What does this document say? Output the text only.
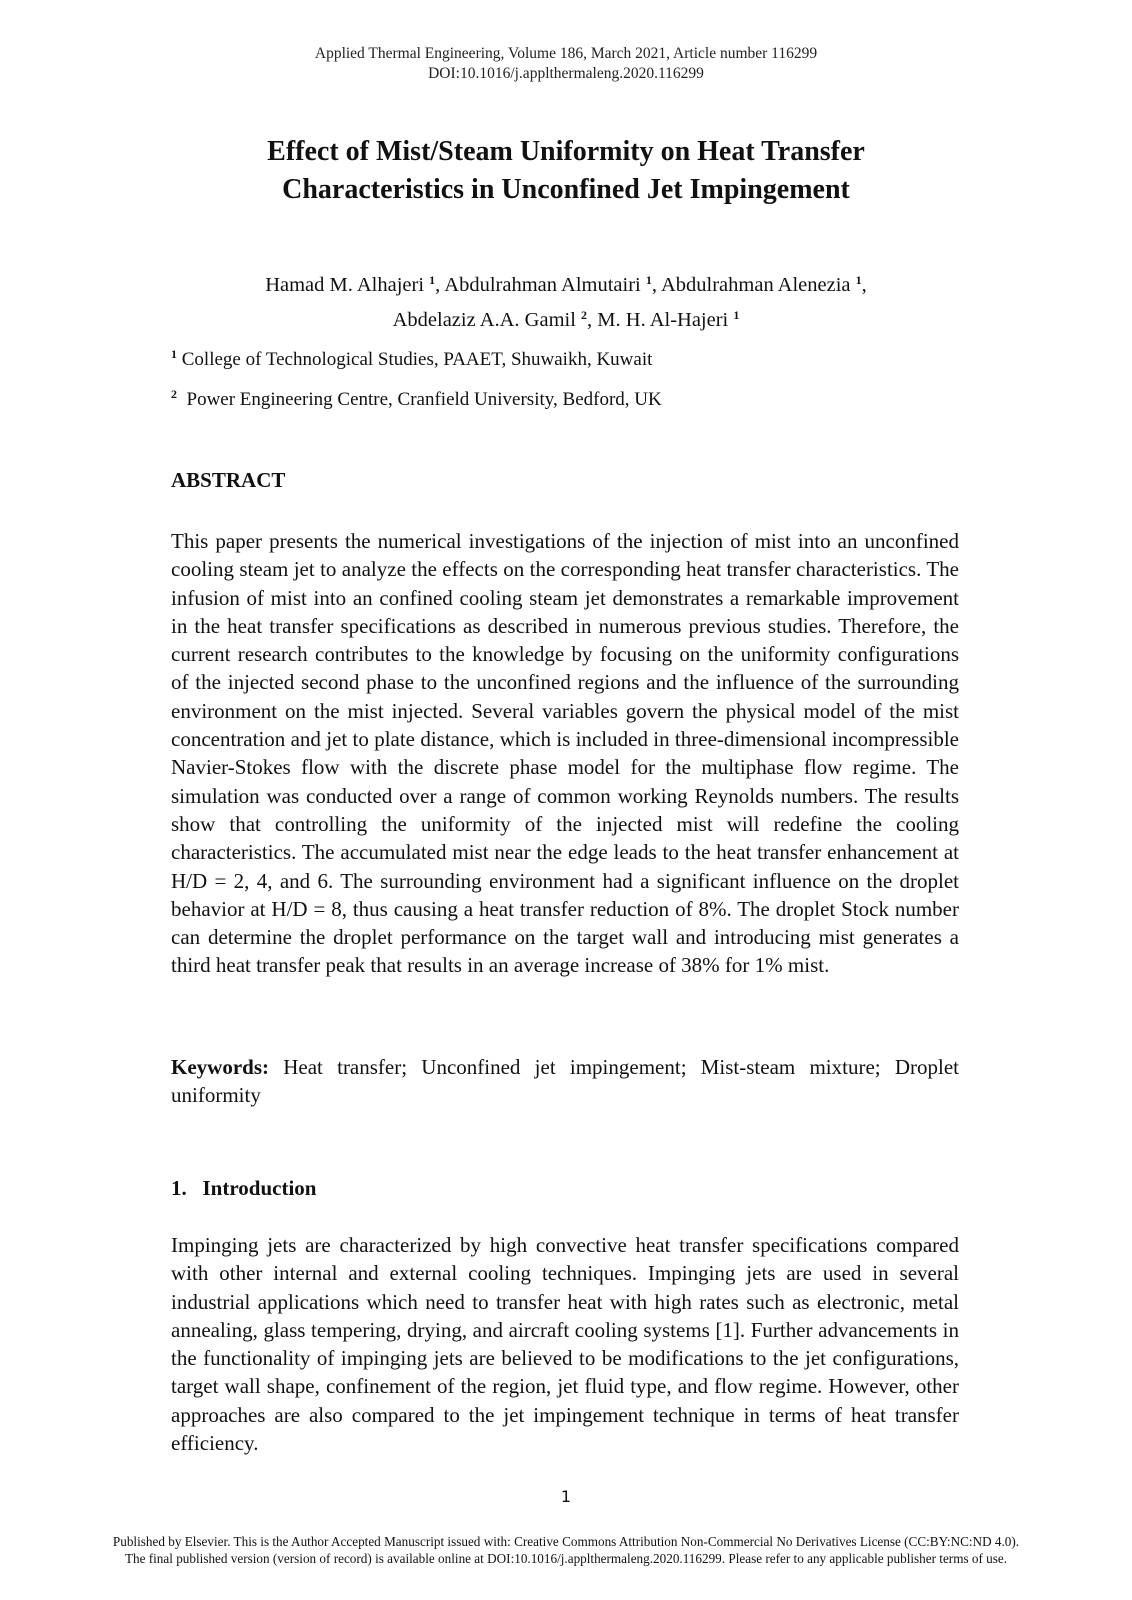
Applied Thermal Engineering, Volume 186, March 2021, Article number 116299
DOI:10.1016/j.applthermaleng.2020.116299
Effect of Mist/Steam Uniformity on Heat Transfer
Characteristics in Unconfined Jet Impingement
Hamad M. Alhajeri $^1$, Abdulrahman Almutairi $^1$, Abdulrahman Alenezia $^1$,
Abdelaziz A.A. Gamil $^2$, M. H. Al-Hajeri $^1$
$^1$ College of Technological Studies, PAAET, Shuwaikh, Kuwait
$^2$ Power Engineering Centre, Cranfield University, Bedford, UK
ABSTRACT
This paper presents the numerical investigations of the injection of mist into an unconfined cooling steam jet to analyze the effects on the corresponding heat transfer characteristics. The infusion of mist into an confined cooling steam jet demonstrates a remarkable improvement in the heat transfer specifications as described in numerous previous studies. Therefore, the current research contributes to the knowledge by focusing on the uniformity configurations of the injected second phase to the unconfined regions and the influence of the surrounding environment on the mist injected. Several variables govern the physical model of the mist concentration and jet to plate distance, which is included in three-dimensional incompressible Navier-Stokes flow with the discrete phase model for the multiphase flow regime. The simulation was conducted over a range of common working Reynolds numbers. The results show that controlling the uniformity of the injected mist will redefine the cooling characteristics. The accumulated mist near the edge leads to the heat transfer enhancement at H/D = 2, 4, and 6. The surrounding environment had a significant influence on the droplet behavior at H/D = 8, thus causing a heat transfer reduction of 8%. The droplet Stock number can determine the droplet performance on the target wall and introducing mist generates a third heat transfer peak that results in an average increase of 38% for 1% mist.
Keywords: Heat transfer; Unconfined jet impingement; Mist-steam mixture; Droplet uniformity
1. Introduction
Impinging jets are characterized by high convective heat transfer specifications compared with other internal and external cooling techniques. Impinging jets are used in several industrial applications which need to transfer heat with high rates such as electronic, metal annealing, glass tempering, drying, and aircraft cooling systems [1]. Further advancements in the functionality of impinging jets are believed to be modifications to the jet configurations, target wall shape, confinement of the region, jet fluid type, and flow regime. However, other approaches are also compared to the jet impingement technique in terms of heat transfer efficiency.
1
Published by Elsevier. This is the Author Accepted Manuscript issued with: Creative Commons Attribution Non-Commercial No Derivatives License (CC:BY:NC:ND 4.0).
The final published version (version of record) is available online at DOI:10.1016/j.applthermaleng.2020.116299. Please refer to any applicable publisher terms of use.
